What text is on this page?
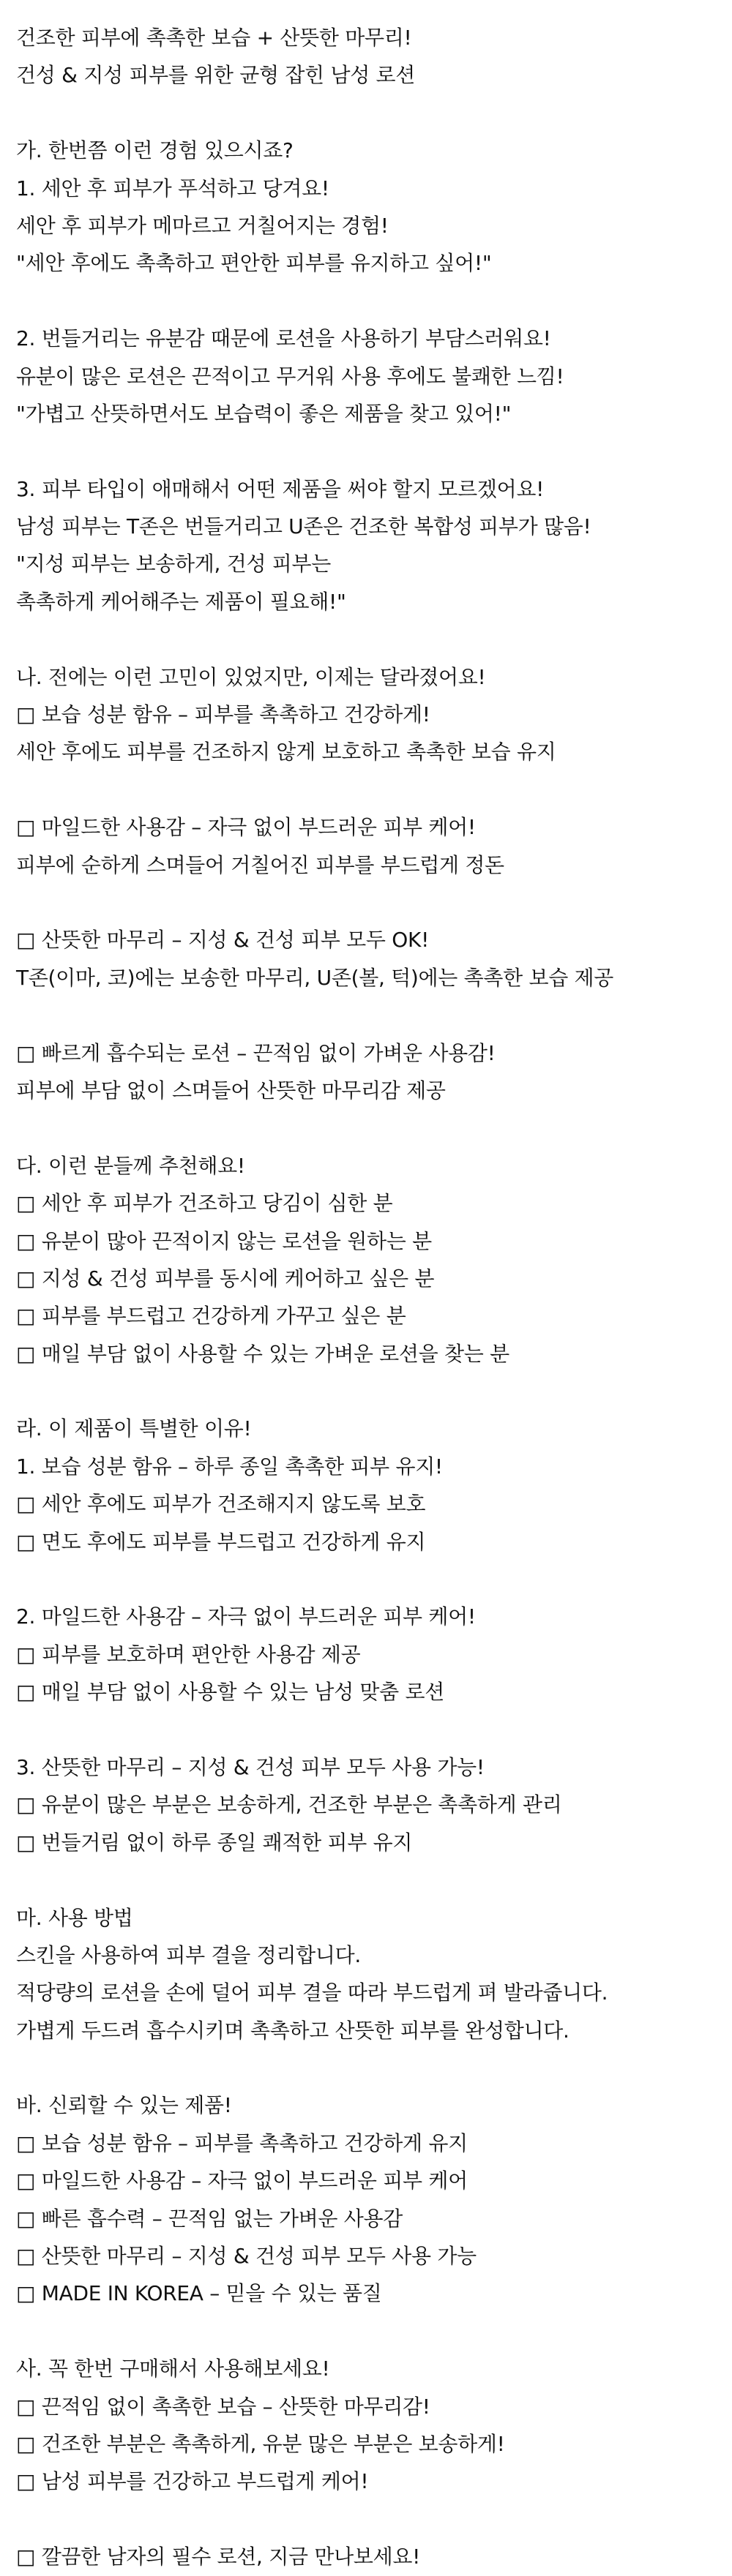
건조한 피부에 촉촉한 보습 + 산뜻한 마무리!
건성 & 지성 피부를 위한 균형 잡힌 남성 로션
가. 한번쯤 이런 경험 있으시죠?
1. 세안 후 피부가 푸석하고 당겨요!
세안 후 피부가 메마르고 거칠어지는 경험!
"세안 후에도 촉촉하고 편안한 피부를 유지하고 싶어!"
2. 번들거리는 유분감 때문에 로션을 사용하기 부담스러워요!
유분이 많은 로션은 끈적이고 무거워 사용 후에도 불쾌한 느낌!
"가볍고 산뜻하면서도 보습력이 좋은 제품을 찾고 있어!"
3. 피부 타입이 애매해서 어떤 제품을 써야 할지 모르겠어요!
남성 피부는 T존은 번들거리고 U존은 건조한 복합성 피부가 많음!
"지성 피부는 보송하게, 건성 피부는
촉촉하게 케어해주는 제품이 필요해!"
나. 전에는 이런 고민이 있었지만, 이제는 달라졌어요!
□ 보습 성분 함유 – 피부를 촉촉하고 건강하게!
세안 후에도 피부를 건조하지 않게 보호하고 촉촉한 보습 유지
□ 마일드한 사용감 – 자극 없이 부드러운 피부 케어!
피부에 순하게 스며들어 거칠어진 피부를 부드럽게 정돈
□ 산뜻한 마무리 – 지성 & 건성 피부 모두 OK!
T존(이마, 코)에는 보송한 마무리, U존(볼, 턱)에는 촉촉한 보습 제공
□ 빠르게 흡수되는 로션 – 끈적임 없이 가벼운 사용감!
피부에 부담 없이 스며들어 산뜻한 마무리감 제공
다. 이런 분들께 추천해요!
□ 세안 후 피부가 건조하고 당김이 심한 분
□ 유분이 많아 끈적이지 않는 로션을 원하는 분
□ 지성 & 건성 피부를 동시에 케어하고 싶은 분
□ 피부를 부드럽고 건강하게 가꾸고 싶은 분
□ 매일 부담 없이 사용할 수 있는 가벼운 로션을 찾는 분
라. 이 제품이 특별한 이유!
1. 보습 성분 함유 – 하루 종일 촉촉한 피부 유지!
□ 세안 후에도 피부가 건조해지지 않도록 보호
□ 면도 후에도 피부를 부드럽고 건강하게 유지
2. 마일드한 사용감 – 자극 없이 부드러운 피부 케어!
□ 피부를 보호하며 편안한 사용감 제공
□ 매일 부담 없이 사용할 수 있는 남성 맞춤 로션
3. 산뜻한 마무리 – 지성 & 건성 피부 모두 사용 가능!
□ 유분이 많은 부분은 보송하게, 건조한 부분은 촉촉하게 관리
□ 번들거림 없이 하루 종일 쾌적한 피부 유지
마. 사용 방법
스킨을 사용하여 피부 결을 정리합니다.
적당량의 로션을 손에 덜어 피부 결을 따라 부드럽게 펴 발라줍니다.
가볍게 두드려 흡수시키며 촉촉하고 산뜻한 피부를 완성합니다.
바. 신뢰할 수 있는 제품!
□ 보습 성분 함유 – 피부를 촉촉하고 건강하게 유지
□ 마일드한 사용감 – 자극 없이 부드러운 피부 케어
□ 빠른 흡수력 – 끈적임 없는 가벼운 사용감
□ 산뜻한 마무리 – 지성 & 건성 피부 모두 사용 가능
□ MADE IN KOREA – 믿을 수 있는 품질
사. 꼭 한번 구매해서 사용해보세요!
□ 끈적임 없이 촉촉한 보습 – 산뜻한 마무리감!
□ 건조한 부분은 촉촉하게, 유분 많은 부분은 보송하게!
□ 남성 피부를 건강하고 부드럽게 케어!
□ 깔끔한 남자의 필수 로션, 지금 만나보세요!
